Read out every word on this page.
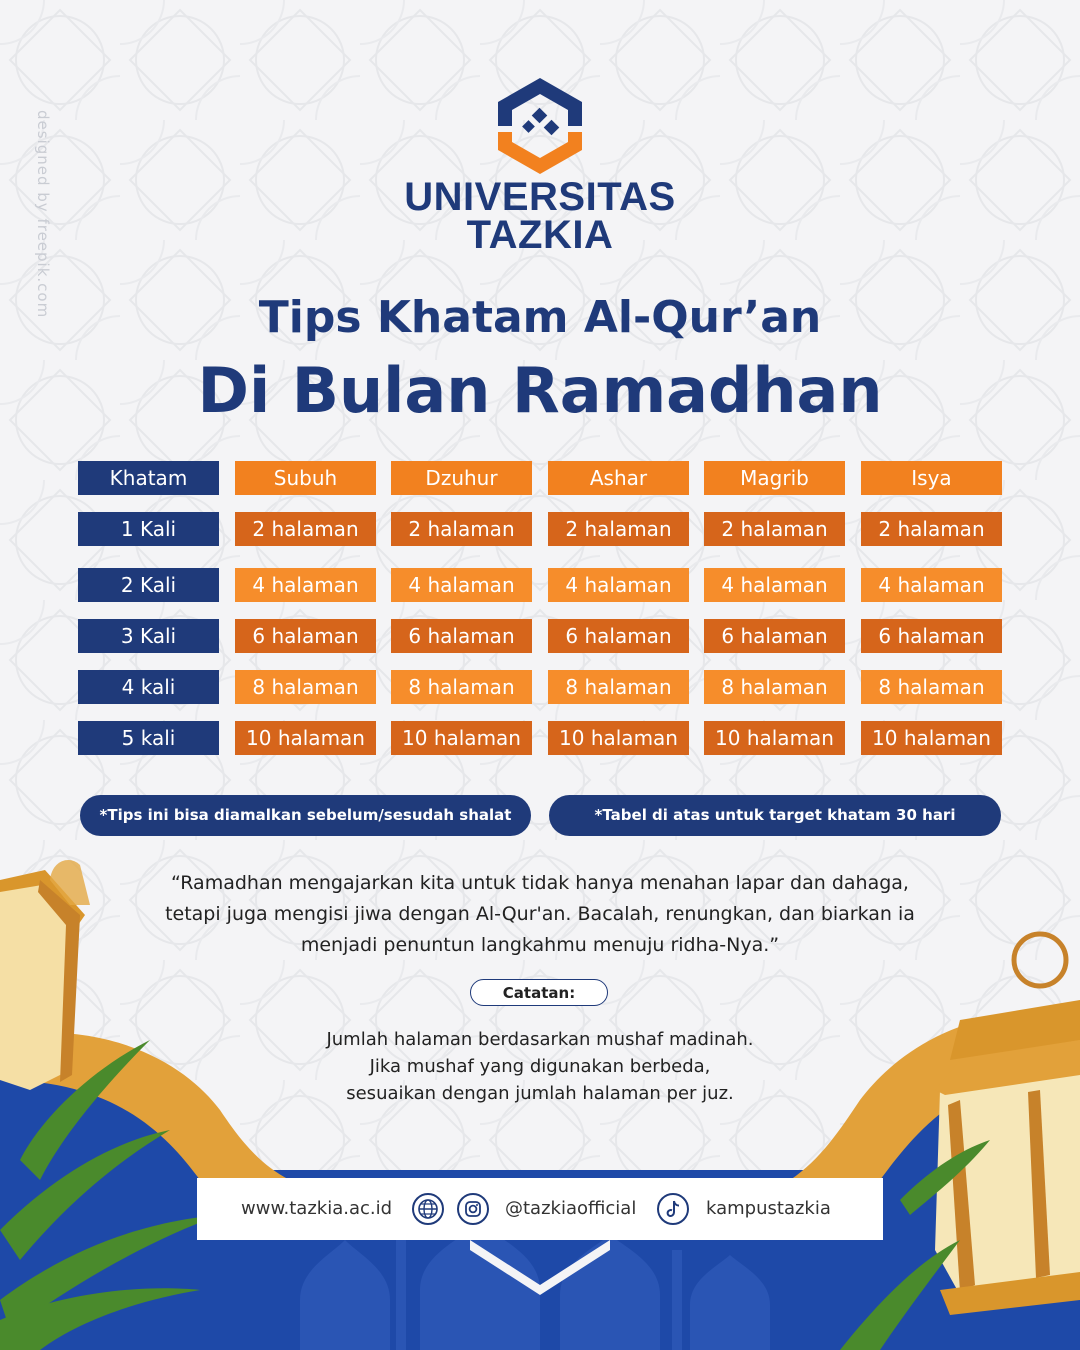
designed by freepik.com	UNIVERSITAS
TAZKIA
Tips Khatam Al-Qur’an
Di Bulan Ramadhan
Khatam	Subuh	Dzuhur	Ashar	Magrib	Isya
1 Kali	2 halaman	2 halaman	2 halaman	2 halaman	2 halaman
2 Kali	4 halaman	4 halaman	4 halaman	4 halaman	4 halaman
3 Kali	6 halaman	6 halaman	6 halaman	6 halaman	6 halaman
4 kali	8 halaman	8 halaman	8 halaman	8 halaman	8 halaman
5 kali	10 halaman	10 halaman	10 halaman	10 halaman	10 halaman
*Tips ini bisa diamalkan sebelum/sesudah shalat	*Tabel di atas untuk target khatam 30 hari
“Ramadhan mengajarkan kita untuk tidak hanya menahan lapar dan dahaga,
tetapi juga mengisi jiwa dengan Al-Qur'an. Bacalah, renungkan, dan biarkan ia
menjadi penuntun langkahmu menuju ridha-Nya.”
Catatan:
Jumlah halaman berdasarkan mushaf madinah.
Jika mushaf yang digunakan berbeda,
sesuaikan dengan jumlah halaman per juz.
www.tazkia.ac.id	@tazkiaofficial	kampustazkia
